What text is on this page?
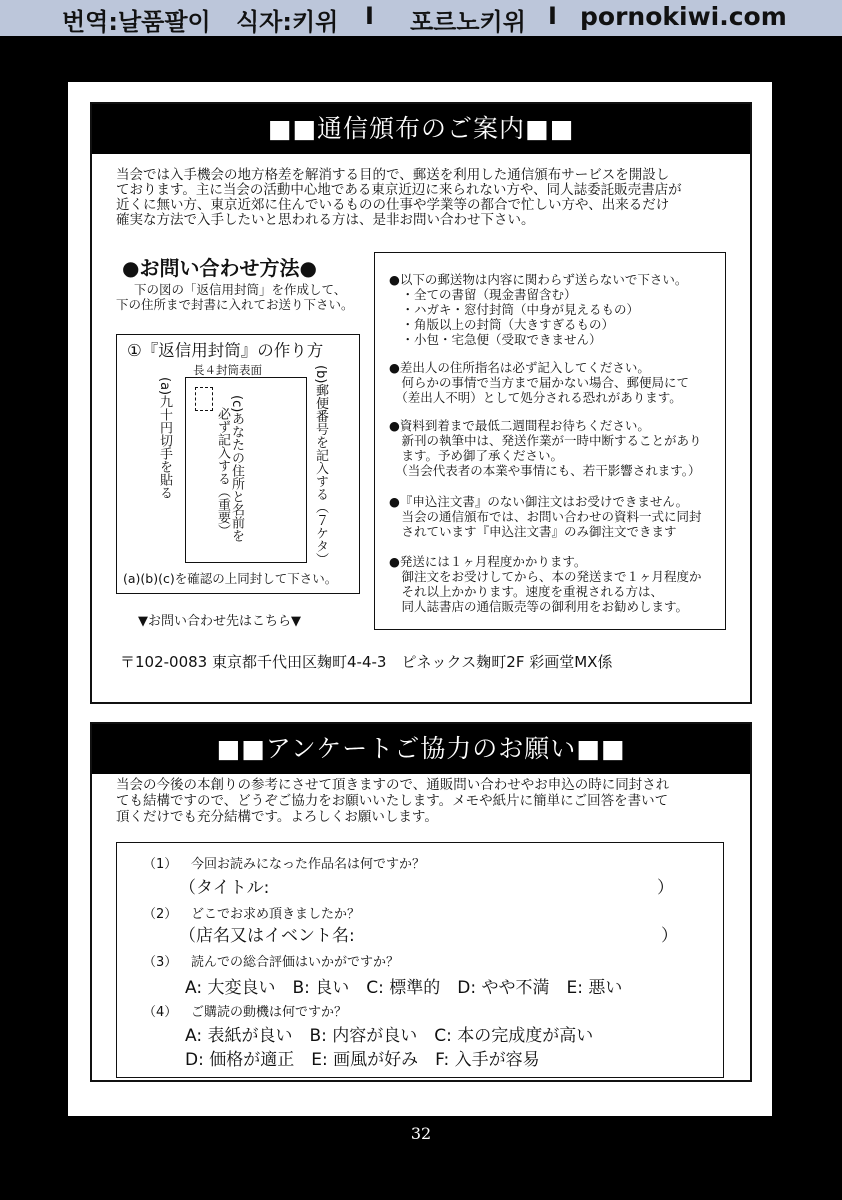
번역:날품팔이 식자:키위 I 포르노키위 I pornokiwi.com
■■通信頒布のご案内■■
当会では入手機会の地方格差を解消する目的で、郵送を利用した通信頒布サービスを開設し
ております。主に当会の活動中心地である東京近辺に来られない方や、同人誌委託販売書店が
近くに無い方、東京近郊に住んでいるものの仕事や学業等の都合で忙しい方や、出来るだけ
確実な方法で入手したいと思われる方は、是非お問い合わせ下さい。
●お問い合わせ方法●
下の図の「返信用封筒」を作成して、
下の住所まで封書に入れてお送り下さい。
①『返信用封筒』の作り方
長４封筒表面
(a)九十円切手を貼る	(c)あなたの住所と名前を
必ず記入する（重要）	(b)郵便番号を記入する（７ケタ）
(a)(b)(c)を確認の上同封して下さい。
▼お問い合わせ先はこちら▼
〒102-0083 東京都千代田区麹町4-4-3　ピネックス麹町2F 彩画堂MX係
●以下の郵送物は内容に関わらず送らないで下さい。
　・全ての書留（現金書留含む）
　・ハガキ・窓付封筒（中身が見えるもの）
　・角版以上の封筒（大きすぎるもの）
　・小包・宅急便（受取できません）
●差出人の住所指名は必ず記入してください。
　何らかの事情で当方まで届かない場合、郵便局にて
　（差出人不明）として処分される恐れがあります。
●資料到着まで最低二週間程お待ちください。
　新刊の執筆中は、発送作業が一時中断することがあり
　ます。予め御了承ください。
　（当会代表者の本業や事情にも、若干影響されます。）
●『申込注文書』のない御注文はお受けできません。
　当会の通信頒布では、お問い合わせの資料一式に同封
　されています『申込注文書』のみ御注文できます
●発送には１ヶ月程度かかります。
　御注文をお受けしてから、本の発送まで１ヶ月程度か
　それ以上かかります。速度を重視される方は、
　同人誌書店の通信販売等の御利用をお勧めします。
■■アンケートご協力のお願い■■
当会の今後の本創りの参考にさせて頂きますので、通販問い合わせやお申込の時に同封され
ても結構ですので、どうぞご協力をお願いいたします。メモや紙片に簡単にご回答を書いて
頂くだけでも充分結構です。よろしくお願いします。
（1） 今回お読みになった作品名は何ですか？
（タイトル:	）
（2） どこでお求め頂きましたか？
（店名又はイベント名:	）
（3） 読んでの総合評価はいかがですか？
A: 大変良い　B: 良い　C: 標準的　D: やや不満　E: 悪い
（4） ご購読の動機は何ですか？
A: 表紙が良い　B: 内容が良い　C: 本の完成度が高い
D: 価格が適正　E: 画風が好み　F: 入手が容易
32
